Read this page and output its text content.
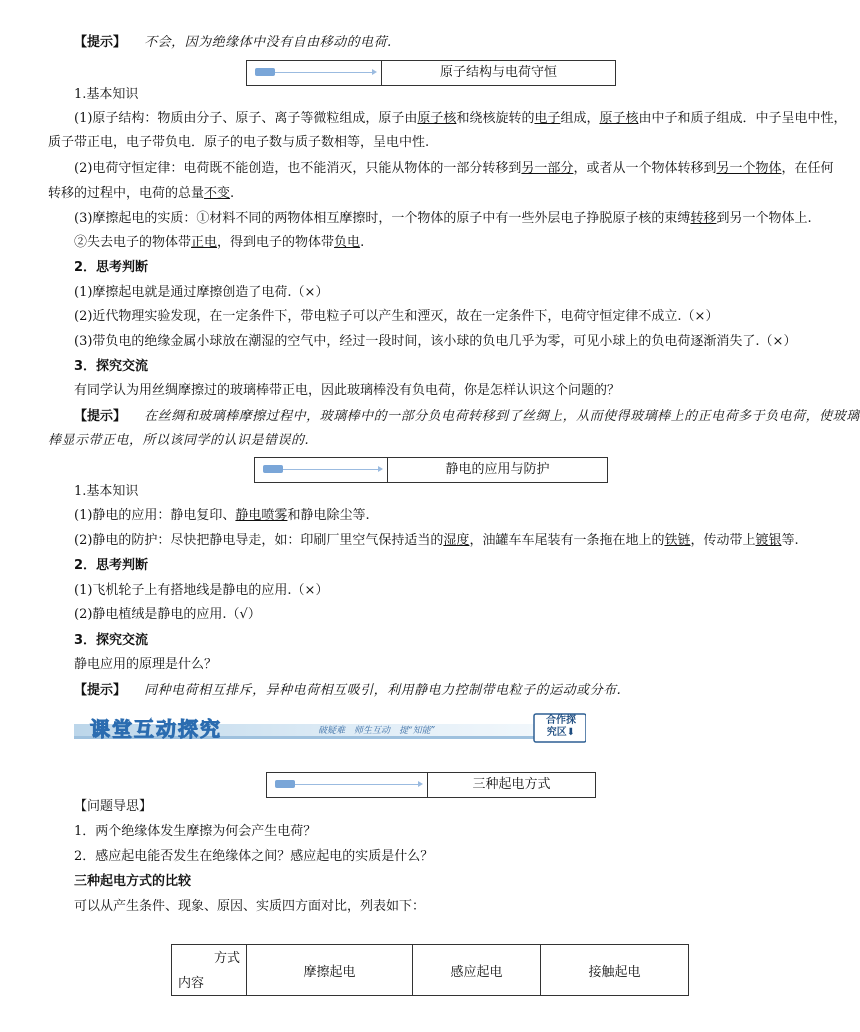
【提示】 不会，因为绝缘体中没有自由移动的电荷.
原子结构与电荷守恒
1.基本知识
(1)原子结构：物质由分子、原子、离子等微粒组成，原子由原子核和绕核旋转的电子组成，原子核由中子和质子组成．中子呈电中性，
质子带正电，电子带负电．原子的电子数与质子数相等，呈电中性.
(2)电荷守恒定律：电荷既不能创造，也不能消灭，只能从物体的一部分转移到另一部分，或者从一个物体转移到另一个物体，在任何
转移的过程中，电荷的总量不变.
(3)摩擦起电的实质：①材料不同的两物体相互摩擦时，一个物体的原子中有一些外层电子挣脱原子核的束缚转移到另一个物体上.
②失去电子的物体带正电，得到电子的物体带负电.
2．思考判断
(1)摩擦起电就是通过摩擦创造了电荷.（×）
(2)近代物理实验发现，在一定条件下，带电粒子可以产生和湮灭，故在一定条件下，电荷守恒定律不成立.（×）
(3)带负电的绝缘金属小球放在潮湿的空气中，经过一段时间，该小球的负电几乎为零，可见小球上的负电荷逐渐消失了.（×）
3．探究交流
有同学认为用丝绸摩擦过的玻璃棒带正电，因此玻璃棒没有负电荷，你是怎样认识这个问题的？
【提示】 在丝绸和玻璃棒摩擦过程中，玻璃棒中的一部分负电荷转移到了丝绸上，从而使得玻璃棒上的正电荷多于负电荷，使玻璃
棒显示带正电，所以该同学的认识是错误的.
静电的应用与防护
1.基本知识
(1)静电的应用：静电复印、静电喷雾和静电除尘等.
(2)静电的防护：尽快把静电导走，如：印刷厂里空气保持适当的湿度，油罐车车尾装有一条拖在地上的铁链，传动带上镀银等.
2．思考判断
(1)飞机轮子上有搭地线是静电的应用.（×）
(2)静电植绒是静电的应用.（√）
3．探究交流
静电应用的原理是什么？
【提示】 同种电荷相互排斥，异种电荷相互吸引，利用静电力控制带电粒子的运动或分布.
课堂互动探究	破疑难　师生互动　提“知能”
合作探
究区⬇
三种起电方式
【问题导思】
1．两个绝缘体发生摩擦为何会产生电荷？
2．感应起电能否发生在绝缘体之间？感应起电的实质是什么？
三种起电方式的比较
可以从产生条件、现象、原因、实质四方面对比，列表如下：
方式
内容
	摩擦起电	感应起电	接触起电
